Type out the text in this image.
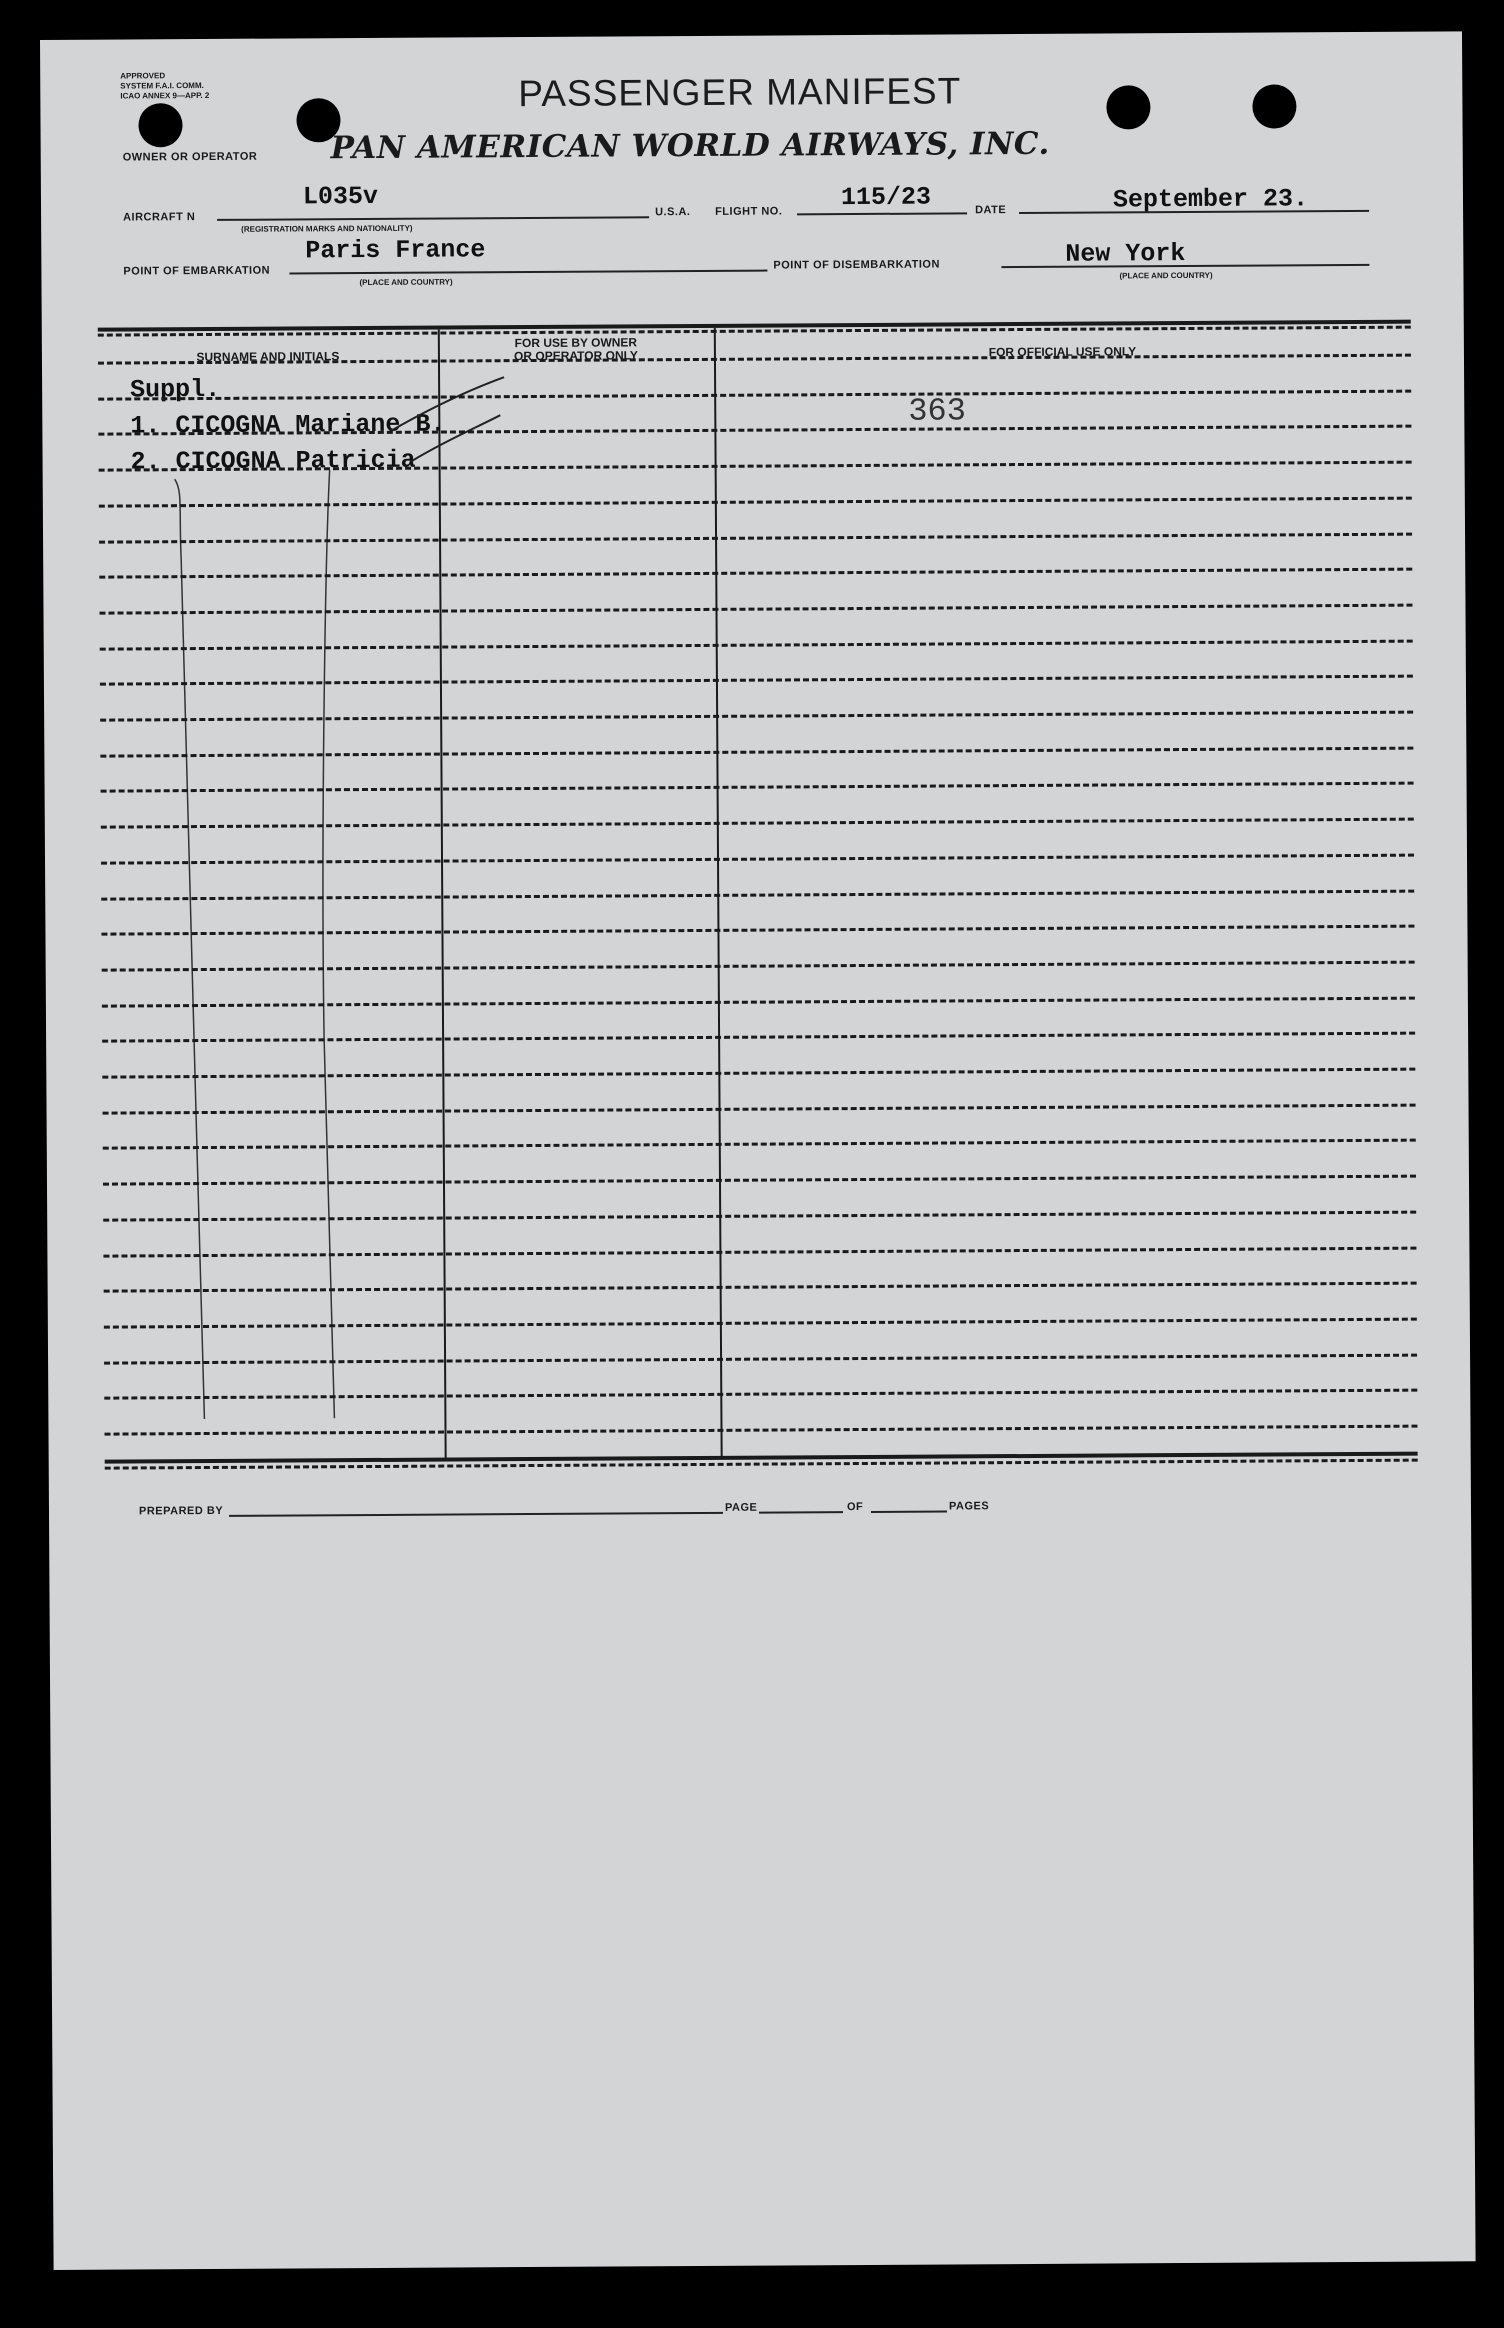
APPROVED
SYSTEM F.A.I. COMM.
ICAO ANNEX 9—APP. 2	PASSENGER MANIFEST
OWNER OR OPERATOR PAN AMERICAN WORLD AIRWAYS, INC.
AIRCRAFT N
L035v
(REGISTRATION MARKS AND NATIONALITY)
U.S.A. FLIGHT NO. 115/23	DATE	September 23.
POINT OF EMBARKATION
Paris France
(PLACE AND COUNTRY)
POINT OF DISEMBARKATION	New York
(PLACE AND COUNTRY)
SURNAME AND INITIALS
FOR USE BY OWNER
OR OPERATOR ONLY	FOR OFFICIAL USE ONLY
Suppl.
1. CICOGNA Mariane B.
2. CICOGNA Patricia
363
PREPARED BY	PAGE	OF	PAGES
